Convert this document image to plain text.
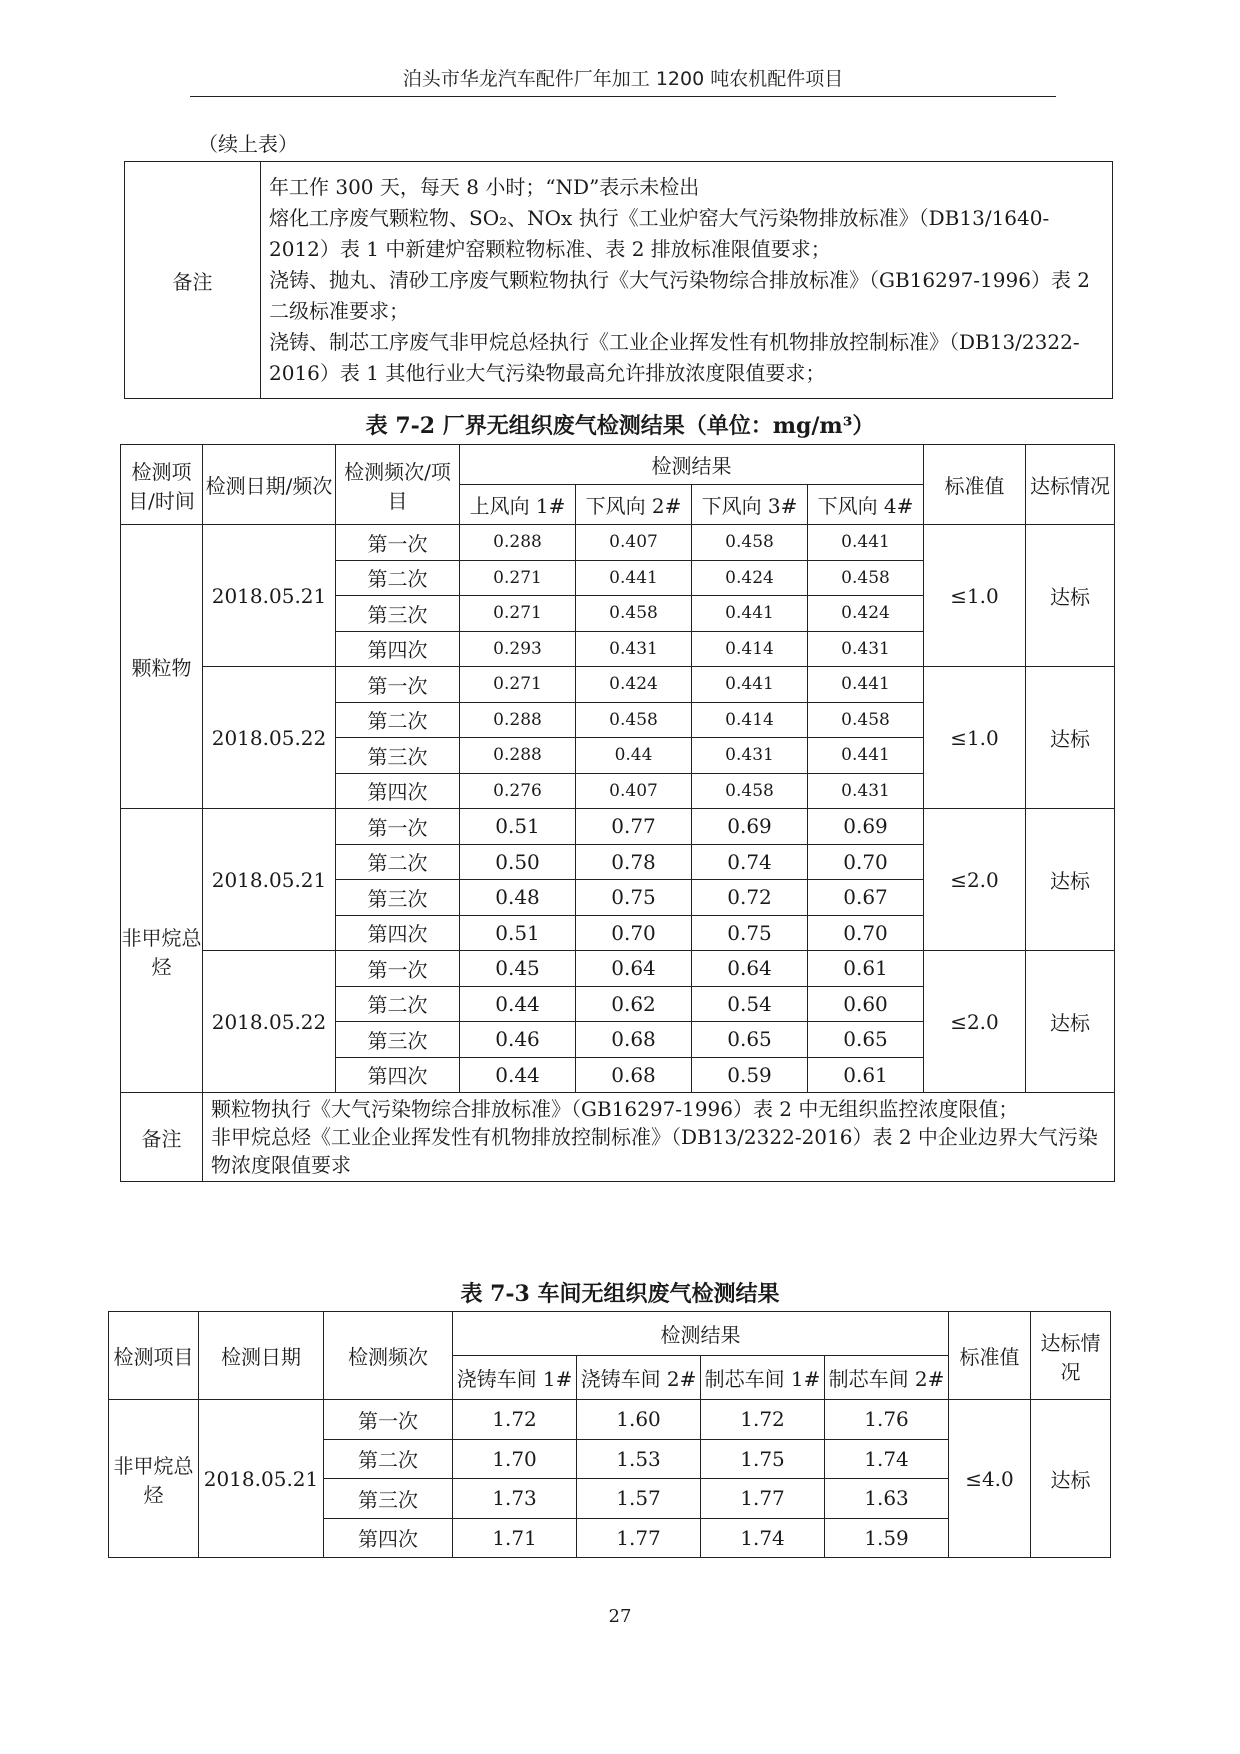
泊头市华龙汽车配件厂年加工 1200 吨农机配件项目
（续上表）
备注	
年工作 300 天，每天 8 小时；“ND”表示未检出
熔化工序废气颗粒物、SO₂、NOx 执行《工业炉窑大气污染物排放标准》（DB13/1640-2012）表 1 中新建炉窑颗粒物标准、表 2 排放标准限值要求；
浇铸、抛丸、清砂工序废气颗粒物执行《大气污染物综合排放标准》（GB16297-1996）表 2 二级标准要求；
浇铸、制芯工序废气非甲烷总烃执行《工业企业挥发性有机物排放控制标准》（DB13/2322-2016）表 1 其他行业大气污染物最高允许排放浓度限值要求；
表 7-2 厂界无组织废气检测结果（单位：mg/m³）
检测项目/时间	检测日期/频次	检测频次/项目	检测结果				标准值	达标情况
			上风向 1#	下风向 2#	下风向 3#	下风向 4#		
颗粒物	2018.05.21	第一次	0.288	0.407	0.458	0.441	≤1.0	达标
		第二次	0.271	0.441	0.424	0.458		
		第三次	0.271	0.458	0.441	0.424		
		第四次	0.293	0.431	0.414	0.431		
	2018.05.22	第一次	0.271	0.424	0.441	0.441	≤1.0	达标
		第二次	0.288	0.458	0.414	0.458		
		第三次	0.288	0.44	0.431	0.441		
		第四次	0.276	0.407	0.458	0.431		
非甲烷总烃	2018.05.21	第一次	0.51	0.77	0.69	0.69	≤2.0	达标
		第二次	0.50	0.78	0.74	0.70		
		第三次	0.48	0.75	0.72	0.67		
		第四次	0.51	0.70	0.75	0.70		
	2018.05.22	第一次	0.45	0.64	0.64	0.61	≤2.0	达标
		第二次	0.44	0.62	0.54	0.60		
		第三次	0.46	0.68	0.65	0.65		
		第四次	0.44	0.68	0.59	0.61		
备注	颗粒物执行《大气污染物综合排放标准》（GB16297-1996）表 2 中无组织监控浓度限值；
非甲烷总烃《工业企业挥发性有机物排放控制标准》（DB13/2322-2016）表 2 中企业边界大气污染物浓度限值要求							
表 7-3 车间无组织废气检测结果
检测项目	检测日期	检测频次	检测结果				标准值	达标情况
			浇铸车间 1#	浇铸车间 2#	制芯车间 1#	制芯车间 2#		
非甲烷总烃	2018.05.21	第一次	1.72	1.60	1.72	1.76	≤4.0	达标
		第二次	1.70	1.53	1.75	1.74		
		第三次	1.73	1.57	1.77	1.63		
		第四次	1.71	1.77	1.74	1.59		
27
